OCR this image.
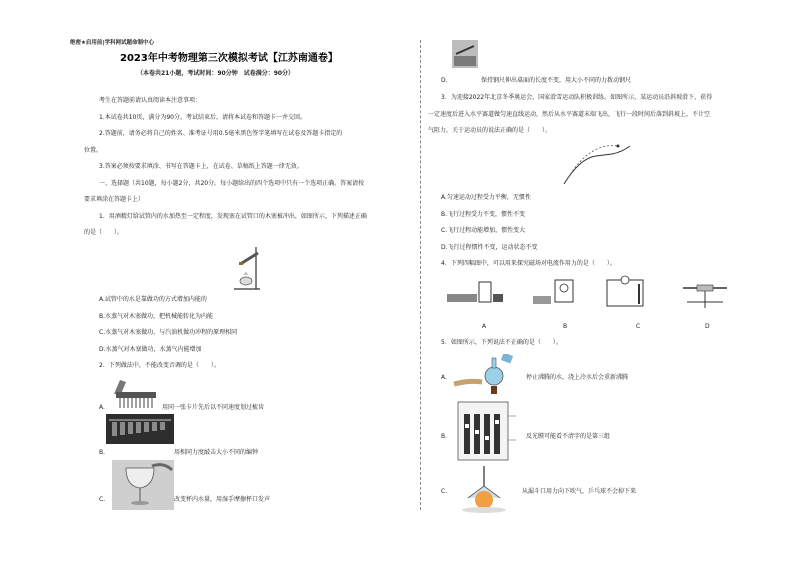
绝密★启用前|学科网试题命制中心
2023年中考物理第三次模拟考试【江苏南通卷】
（本卷共21小题，考试时间：90分钟　试卷满分：90分）
考生在答题前请认真阅读本注意事项：
1.本试卷共10页，满分为90分。考试结束后，请将本试卷和答题卡一并交回。
2.答题前，请务必将自己的姓名、准考证号用0.5毫米黑色签字笔填写在试卷及答题卡指定的
位置。
3.答案必须按要求填涂、书写在答题卡上，在试卷、草稿纸上答题一律无效。
一、选择题（共10题，每小题2分，共20分。每小题给出的四个选项中只有一个选项正确。答案请按
要求填涂在答题卡上）
1．用酒精灯给试管内的水加热至一定程度，发现塞在试管口的木塞被冲出，如图所示，下列描述正确
的是（　　）。
A.试管中的水是靠做功的方式增加内能的
B.水蒸气对木塞做功，把机械能转化为内能
C.水蒸气对木塞做功，与汽油机做功冲程的原理相同
D.水蒸气对木塞做功，水蒸气内能增加
2．下列做法中，不能改变音调的是（　　）。
A.	用同一张卡片先后以不同速度划过梳齿
B.	用相同力度敲击大小不同的编钟
C.	改变杯内水量，用湿手摩擦杯口发声
D.	保持钢尺伸出桌面的长度不变，用大小不同的力拨动钢尺
3．为迎接2022年北京冬季奥运会，国家滑雪运动队积极训练。如图所示，某运动员沿斜坡滑下，获得
一定速度后进入水平赛道做匀速直线运动，然后从水平赛道末端飞出，飞行一段时间后落到斜坡上，不计空
气阻力，关于运动员的说法正确的是（　　）。
A.匀速运动过程受力平衡，无惯性
B.飞行过程受力不变，惯性不变
C.飞行过程动能增加，惯性变大
D.飞行过程惯性不变，运动状态不变
4．下列四幅图中，可以用来探究磁场对电流作用力的是（　　）。
A	B	C	D
5．如图所示，下列说法不正确的是（　　）。
A.	停止沸腾的水，浇上冷水后会重新沸腾
B.	反光膜可能看不清字的是第三组
C.	从漏斗口用力向下吹气，乒乓球不会掉下来
